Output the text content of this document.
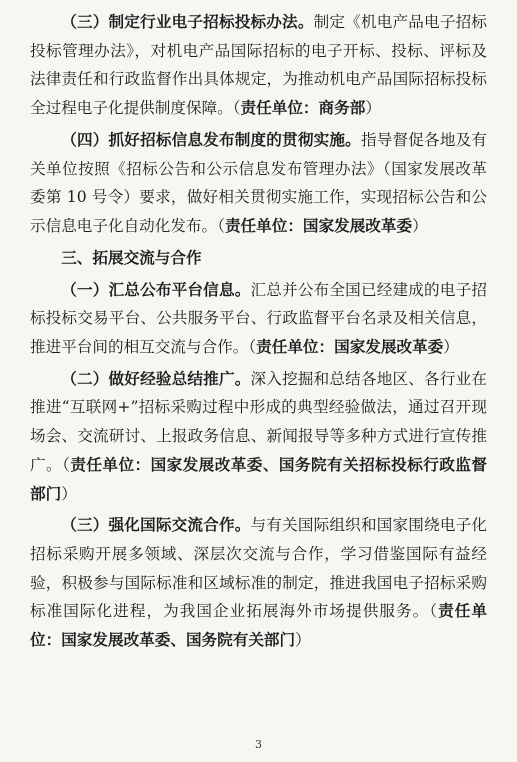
（三）制定行业电子招标投标办法。制定《机电产品电子招标投标管理办法》，对机电产品国际招标的电子开标、投标、评标及法律责任和行政监督作出具体规定，为推动机电产品国际招标投标全过程电子化提供制度保障。（责任单位：商务部）

（四）抓好招标信息发布制度的贯彻实施。指导督促各地及有关单位按照《招标公告和公示信息发布管理办法》（国家发展改革委第 10 号令）要求，做好相关贯彻实施工作，实现招标公告和公示信息电子化自动化发布。（责任单位：国家发展改革委）

三、拓展交流与合作

（一）汇总公布平台信息。汇总并公布全国已经建成的电子招标投标交易平台、公共服务平台、行政监督平台名录及相关信息，推进平台间的相互交流与合作。（责任单位：国家发展改革委）

（二）做好经验总结推广。深入挖掘和总结各地区、各行业在推进“互联网+”招标采购过程中形成的典型经验做法，通过召开现场会、交流研讨、上报政务信息、新闻报导等多种方式进行宣传推广。（责任单位：国家发展改革委、国务院有关招标投标行政监督部门）

（三）强化国际交流合作。与有关国际组织和国家围绕电子化招标采购开展多领域、深层次交流与合作，学习借鉴国际有益经验，积极参与国际标准和区域标准的制定，推进我国电子招标采购标准国际化进程，为我国企业拓展海外市场提供服务。（责任单位：国家发展改革委、国务院有关部门）

3
